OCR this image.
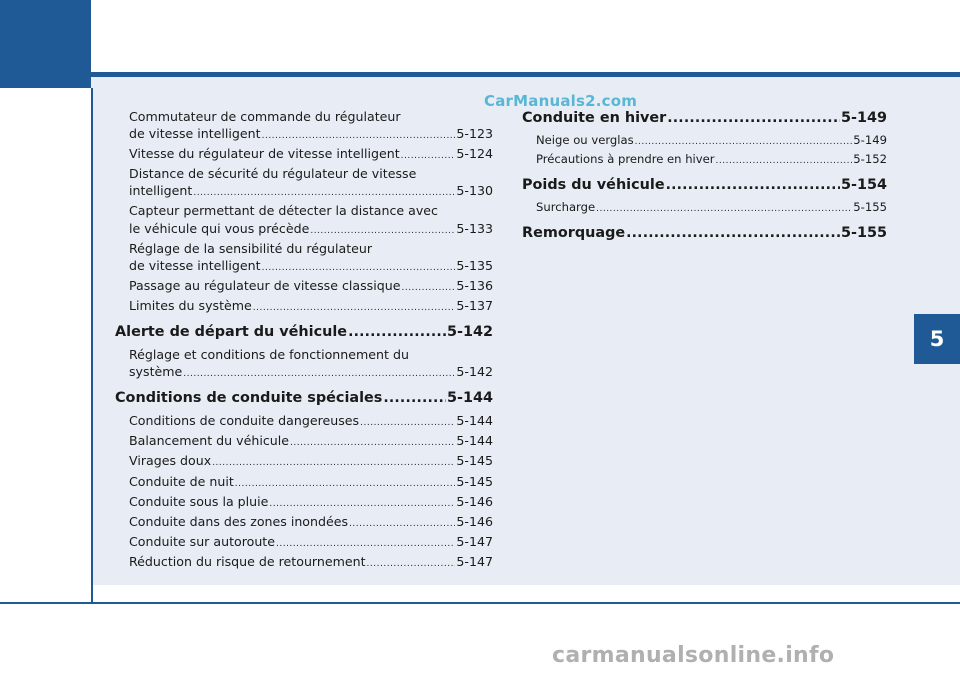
CarManuals2.com
Commutateur de commande du régulateur
de vitesse intelligent .....	5-123
Vitesse du régulateur de vitesse intelligent .....	5-124
Distance de sécurité du régulateur de vitesse
intelligent .....	5-130
Capteur permettant de détecter la distance avec
le véhicule qui vous précède .....	5-133
Réglage de la sensibilité du régulateur
de vitesse intelligent .....	5-135
Passage au régulateur de vitesse classique .....	5-136
Limites du système .....	5-137
Alerte de départ du véhicule .....	5-142
Réglage et conditions de fonctionnement du
système .....	5-142
Conditions de conduite spéciales .....	5-144
Conditions de conduite dangereuses .....	5-144
Balancement du véhicule .....	5-144
Virages doux .....	5-145
Conduite de nuit .....	5-145
Conduite sous la pluie .....	5-146
Conduite dans des zones inondées .....	5-146
Conduite sur autoroute .....	5-147
Réduction du risque de retournement .....	5-147
Conduite en hiver .....	5-149
Neige ou verglas .....	5-149
Précautions à prendre en hiver .....	5-152
Poids du véhicule .....	5-154
Surcharge .....	5-155
Remorquage .....	5-155
5
carmanualsonline.info
